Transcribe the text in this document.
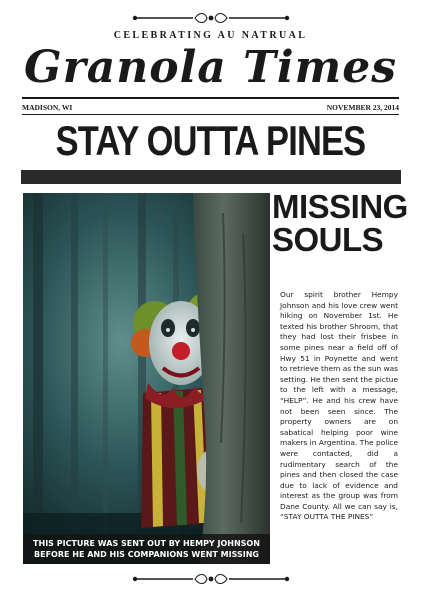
CELEBRATING AU NATRUAL
Granola Times
MADISON, WI	NOVEMBER 23, 2014
STAY OUTTA PINES
THIS PICTURE WAS SENT OUT BY HEMPY JOHNSON
BEFORE HE AND HIS COMPANIONS WENT MISSING
MISSING
SOULS
Our spirit brother Hempy Johnson and his love crew went hiking on November 1st. He texted his brother Shroom, that they had lost their frisbee in some pines near a field off of Hwy 51 in Poynette and went to retrieve them as the sun was setting. He then sent the pictue to the left with a message, “HELP”. He and his crew have not been seen since. The property owners are on sabatical helping poor wine makers in Argentina. The police were contacted, did a rudimentary search of the pines and then closed the case due to lack of evidence and interest as the group was from Dane County. All we can say is, “STAY OUTTA THE PINES”
